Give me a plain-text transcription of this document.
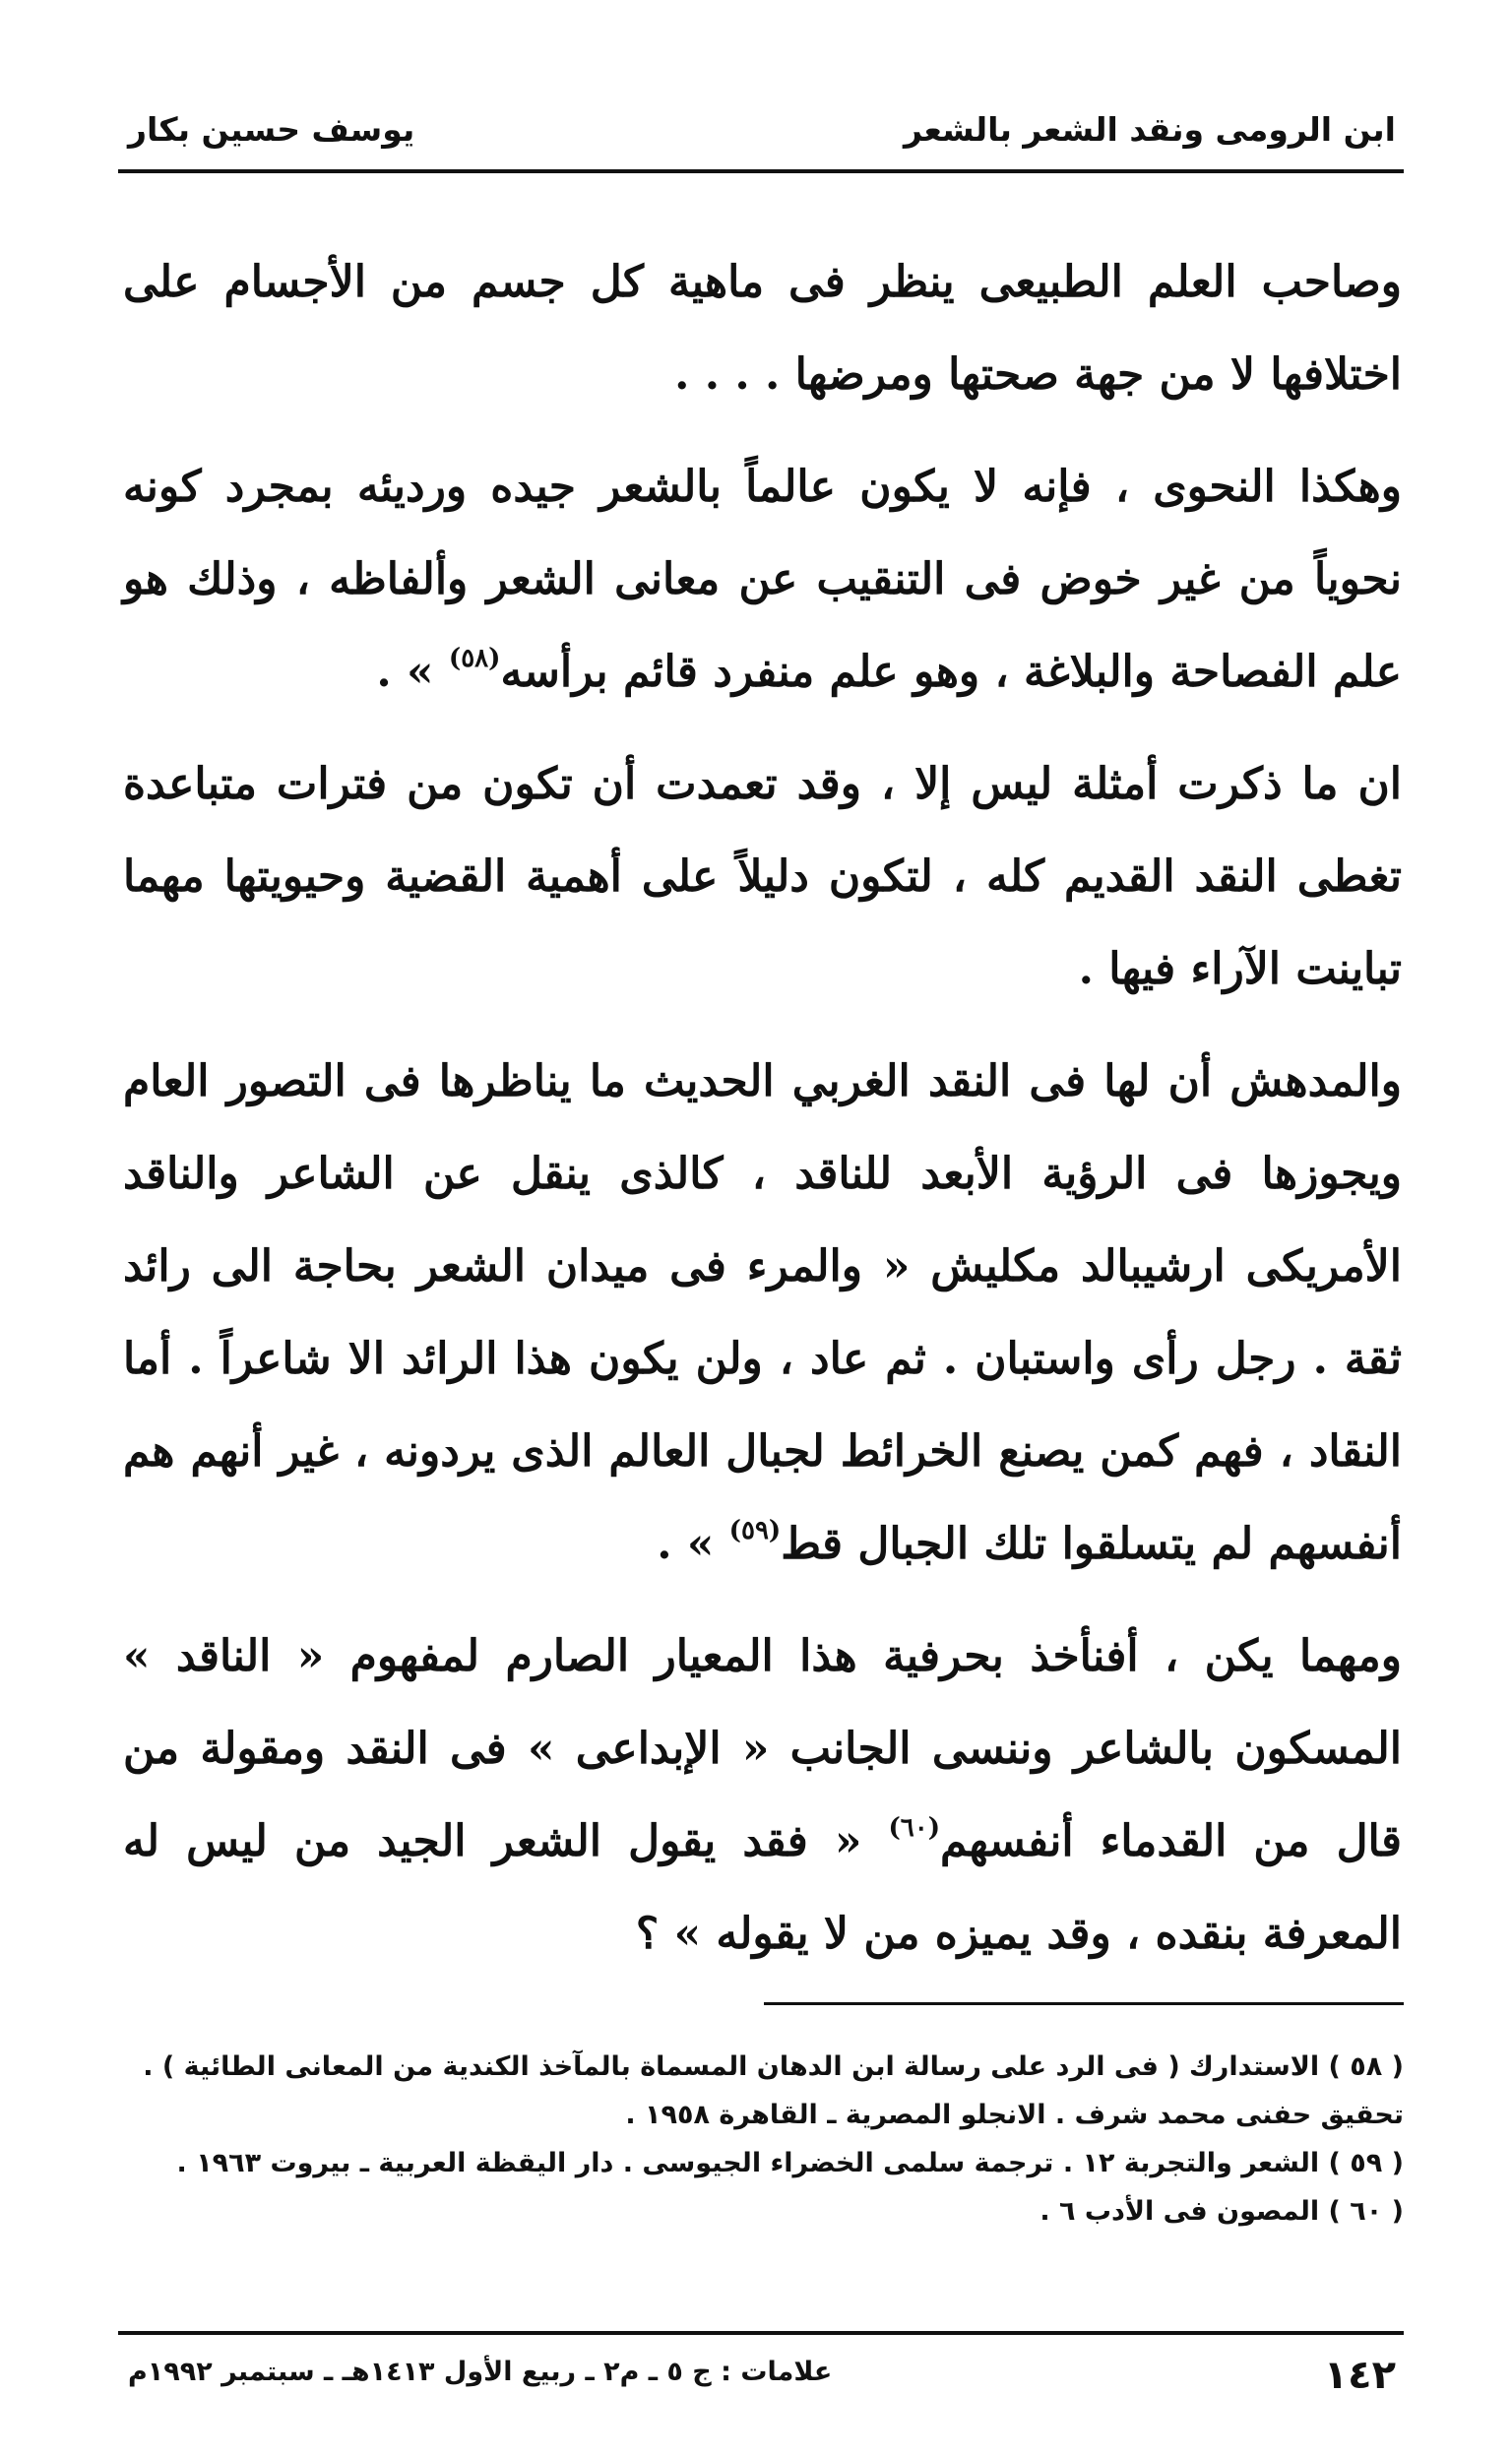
ابن الرومى ونقد الشعر بالشعر
يوسف حسين بكار

وصاحب العلم الطبيعى ينظر فى ماهية كل جسم من الأجسام على اختلافها لا من جهة صحتها ومرضها . . . .

وهكذا النحوى ، فإنه لا يكون عالماً بالشعر جيده ورديئه بمجرد كونه نحوياً من غير خوض فى التنقيب عن معانى الشعر وألفاظه ، وذلك هو علم الفصاحة والبلاغة ، وهو علم منفرد قائم برأسه$^{(٥٨)}$ » .

ان ما ذكرت أمثلة ليس إلا ، وقد تعمدت أن تكون من فترات متباعدة تغطى النقد القديم كله ، لتكون دليلاً على أهمية القضية وحيويتها مهما تباينت الآراء فيها .

والمدهش أن لها فى النقد الغربي الحديث ما يناظرها فى التصور العام ويجوزها فى الرؤية الأبعد للناقد ، كالذى ينقل عن الشاعر والناقد الأمريكى ارشيبالد مكليش « والمرء فى ميدان الشعر بحاجة الى رائد ثقة . رجل رأى واستبان . ثم عاد ، ولن يكون هذا الرائد الا شاعراً . أما النقاد ، فهم كمن يصنع الخرائط لجبال العالم الذى يردونه ، غير أنهم هم أنفسهم لم يتسلقوا تلك الجبال قط$^{(٥٩)}$ » .

ومهما يكن ، أفنأخذ بحرفية هذا المعيار الصارم لمفهوم « الناقد » المسكون بالشاعر وننسى الجانب « الإبداعى » فى النقد ومقولة من قال من القدماء أنفسهم$^{(٦٠)}$ « فقد يقول الشعر الجيد من ليس له المعرفة بنقده ، وقد يميزه من لا يقوله » ؟

( ٥٨ ) الاستدارك ( فى الرد على رسالة ابن الدهان المسماة بالمآخذ الكندية من المعانى الطائية ) . تحقيق حفنى محمد شرف . الانجلو المصرية ـ القاهرة ١٩٥٨ .

( ٥٩ ) الشعر والتجربة ١٢ . ترجمة سلمى الخضراء الجيوسى . دار اليقظة العربية ـ بيروت ١٩٦٣ .

( ٦٠ ) المصون فى الأدب ٦ .

١٤٢
علامات : ج ٥ ـ م٢ ـ ربيع الأول ١٤١٣هـ ـ سبتمبر ١٩٩٢م
